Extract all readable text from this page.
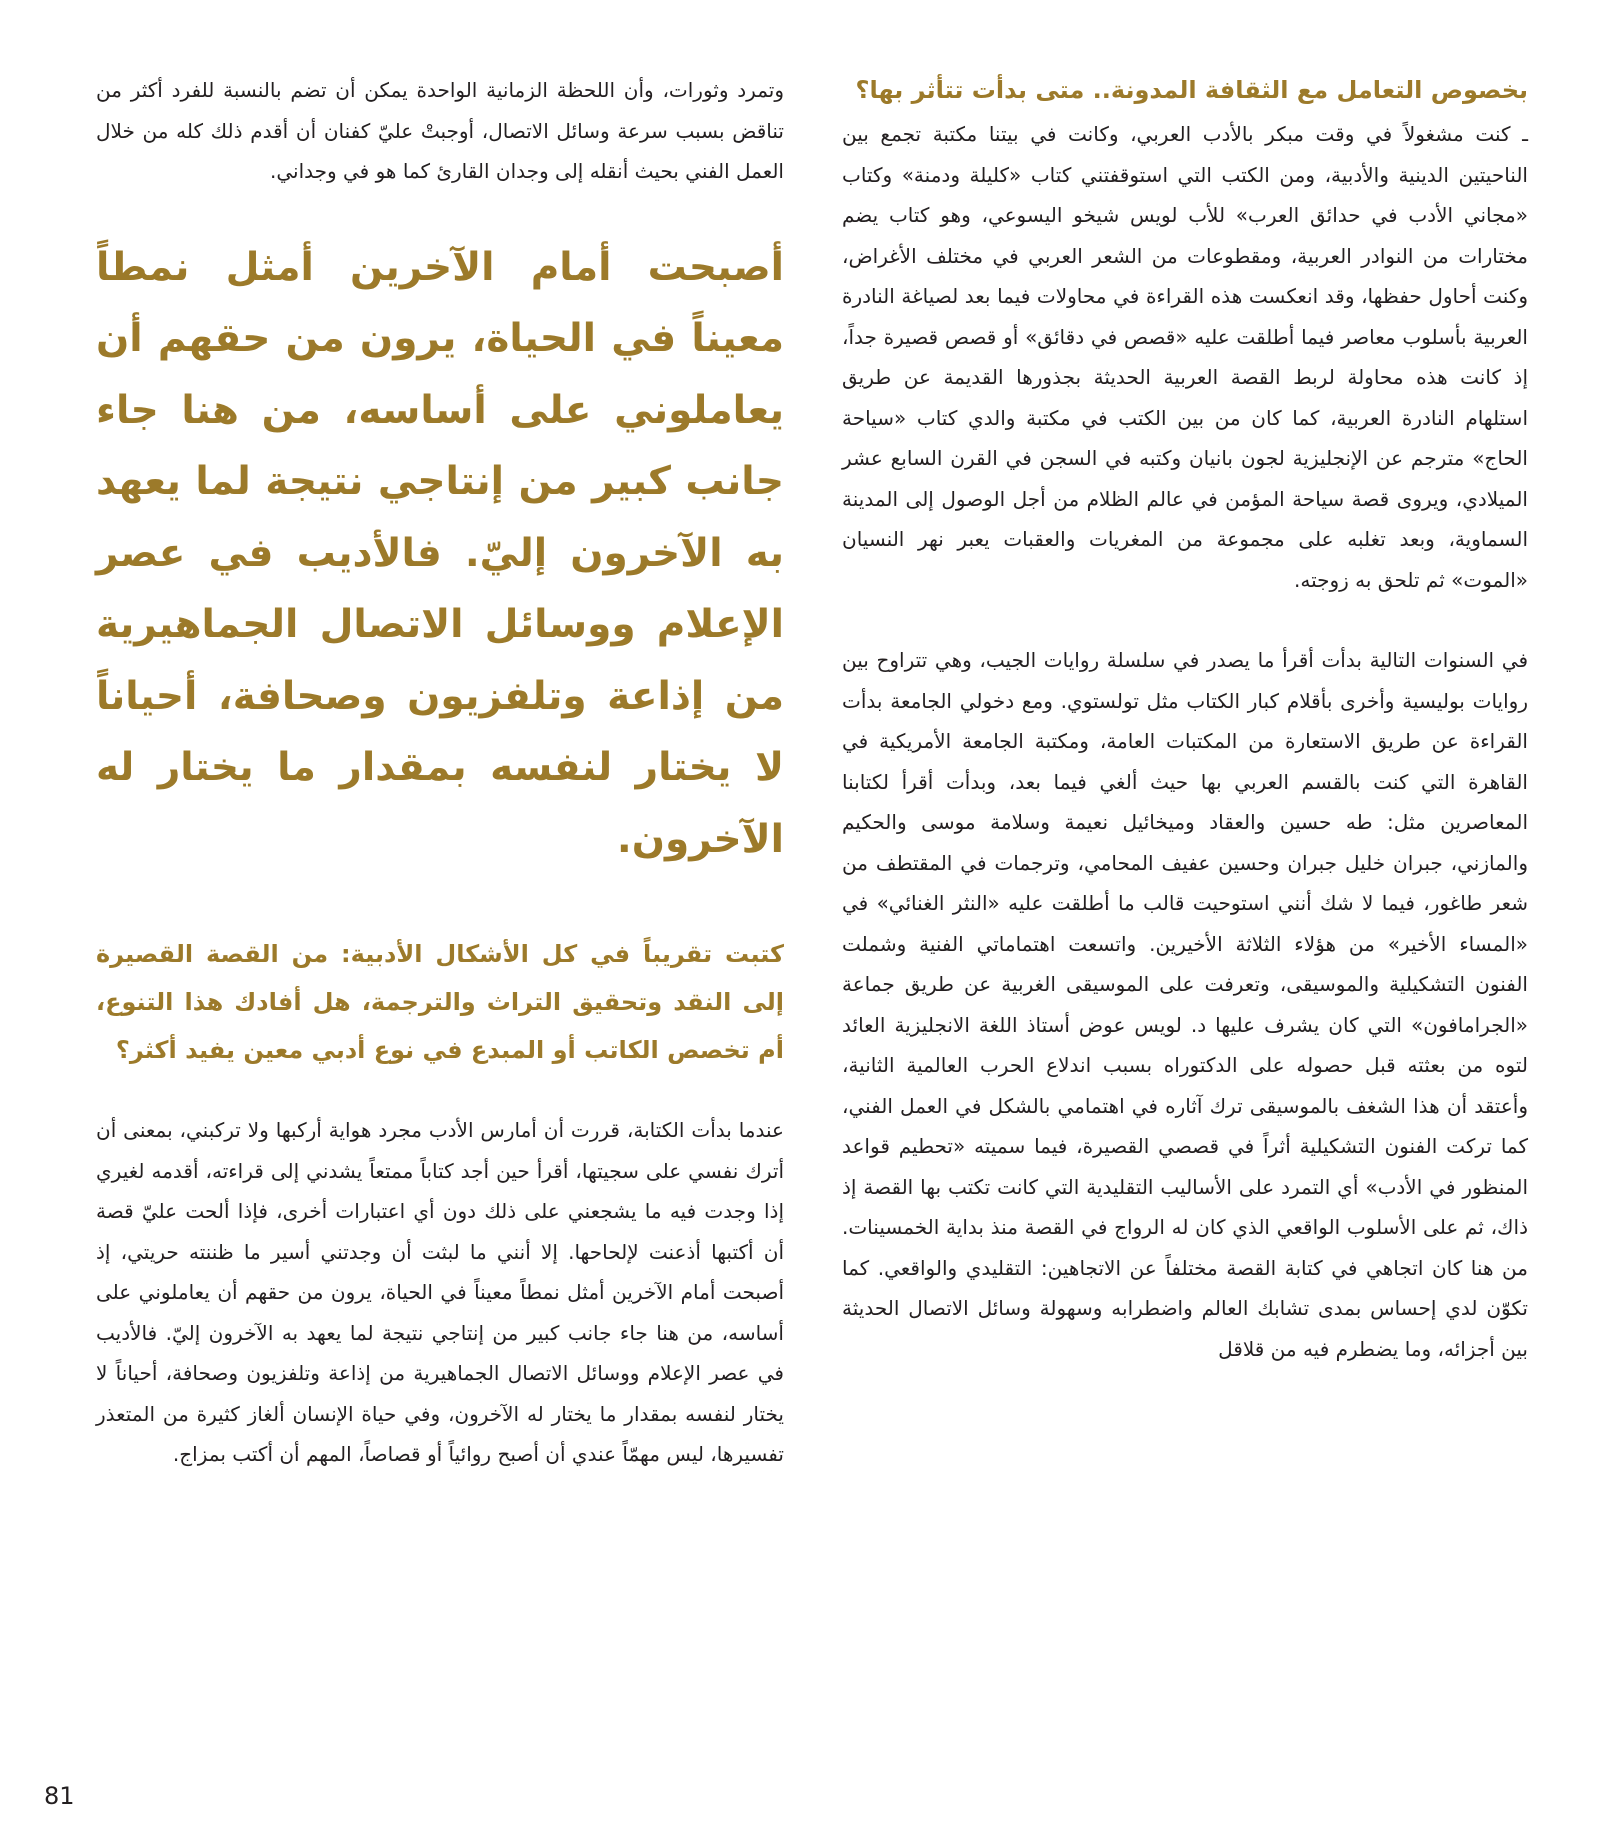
بخصوص التعامل مع الثقافة المدونة.. متى بدأت تتأثر بها؟

ـ كنت مشغولاً في وقت مبكر بالأدب العربي، وكانت في بيتنا مكتبة تجمع بين الناحيتين الدينية والأدبية، ومن الكتب التي استوقفتني كتاب «كليلة ودمنة» وكتاب «مجاني الأدب في حدائق العرب» للأب لويس شيخو اليسوعي، وهو كتاب يضم مختارات من النوادر العربية، ومقطوعات من الشعر العربي في مختلف الأغراض، وكنت أحاول حفظها، وقد انعكست هذه القراءة في محاولات فيما بعد لصياغة النادرة العربية بأسلوب معاصر فيما أطلقت عليه «قصص في دقائق» أو قصص قصيرة جداً، إذ كانت هذه محاولة لربط القصة العربية الحديثة بجذورها القديمة عن طريق استلهام النادرة العربية، كما كان من بين الكتب في مكتبة والدي كتاب «سياحة الحاج» مترجم عن الإنجليزية لجون بانيان وكتبه في السجن في القرن السابع عشر الميلادي، ويروى قصة سياحة المؤمن في عالم الظلام من أجل الوصول إلى المدينة السماوية، وبعد تغلبه على مجموعة من المغريات والعقبات يعبر نهر النسيان «الموت» ثم تلحق به زوجته.

في السنوات التالية بدأت أقرأ ما يصدر في سلسلة روايات الجيب، وهي تتراوح بين روايات بوليسية وأخرى بأقلام كبار الكتاب مثل تولستوي. ومع دخولي الجامعة بدأت القراءة عن طريق الاستعارة من المكتبات العامة، ومكتبة الجامعة الأمريكية في القاهرة التي كنت بالقسم العربي بها حيث ألغي فيما بعد، وبدأت أقرأ لكتابنا المعاصرين مثل: طه حسين والعقاد وميخائيل نعيمة وسلامة موسى والحكيم والمازني، جبران خليل جبران وحسين عفيف المحامي، وترجمات في المقتطف من شعر طاغور، فيما لا شك أنني استوحيت قالب ما أطلقت عليه «النثر الغنائي» في «المساء الأخير» من هؤلاء الثلاثة الأخيرين. واتسعت اهتماماتي الفنية وشملت الفنون التشكيلية والموسيقى، وتعرفت على الموسيقى الغربية عن طريق جماعة «الجرامافون» التي كان يشرف عليها د. لويس عوض أستاذ اللغة الانجليزية العائد لتوه من بعثته قبل حصوله على الدكتوراه بسبب اندلاع الحرب العالمية الثانية، وأعتقد أن هذا الشغف بالموسيقى ترك آثاره في اهتمامي بالشكل في العمل الفني، كما تركت الفنون التشكيلية أثراً في قصصي القصيرة، فيما سميته «تحطيم قواعد المنظور في الأدب» أي التمرد على الأساليب التقليدية التي كانت تكتب بها القصة إذ ذاك، ثم على الأسلوب الواقعي الذي كان له الرواج في القصة منذ بداية الخمسينات. من هنا كان اتجاهي في كتابة القصة مختلفاً عن الاتجاهين: التقليدي والواقعي. كما تكوّن لدي إحساس بمدى تشابك العالم واضطرابه وسهولة وسائل الاتصال الحديثة بين أجزائه، وما يضطرم فيه من قلاقل

وتمرد وثورات، وأن اللحظة الزمانية الواحدة يمكن أن تضم بالنسبة للفرد أكثر من تناقض بسبب سرعة وسائل الاتصال، أوجبتْ عليّ كفنان أن أقدم ذلك كله من خلال العمل الفني بحيث أنقله إلى وجدان القارئ كما هو في وجداني.

أصبحت أمام الآخرين أمثل نمطاً معيناً في الحياة، يرون من حقهم أن يعاملوني على أساسه، من هنا جاء جانب كبير من إنتاجي نتيجة لما يعهد به الآخرون إليّ. فالأديب في عصر الإعلام ووسائل الاتصال الجماهيرية من إذاعة وتلفزيون وصحافة، أحياناً لا يختار لنفسه بمقدار ما يختار له الآخرون.
كتبت تقريباً في كل الأشكال الأدبية: من القصة القصيرة إلى النقد وتحقيق التراث والترجمة، هل أفادك هذا التنوع، أم تخصص الكاتب أو المبدع في نوع أدبي معين يفيد أكثر؟

عندما بدأت الكتابة، قررت أن أمارس الأدب مجرد هواية أركبها ولا تركبني، بمعنى أن أترك نفسي على سجيتها، أقرأ حين أجد كتاباً ممتعاً يشدني إلى قراءته، أقدمه لغيري إذا وجدت فيه ما يشجعني على ذلك دون أي اعتبارات أخرى، فإذا ألحت عليّ قصة أن أكتبها أذعنت لإلحاحها. إلا أنني ما لبثت أن وجدتني أسير ما ظننته حريتي، إذ أصبحت أمام الآخرين أمثل نمطاً معيناً في الحياة، يرون من حقهم أن يعاملوني على أساسه، من هنا جاء جانب كبير من إنتاجي نتيجة لما يعهد به الآخرون إليّ. فالأديب في عصر الإعلام ووسائل الاتصال الجماهيرية من إذاعة وتلفزيون وصحافة، أحياناً لا يختار لنفسه بمقدار ما يختار له الآخرون، وفي حياة الإنسان ألغاز كثيرة من المتعذر تفسيرها، ليس مهمّاً عندي أن أصبح روائياً أو قصاصاً، المهم أن أكتب بمزاج.

81
